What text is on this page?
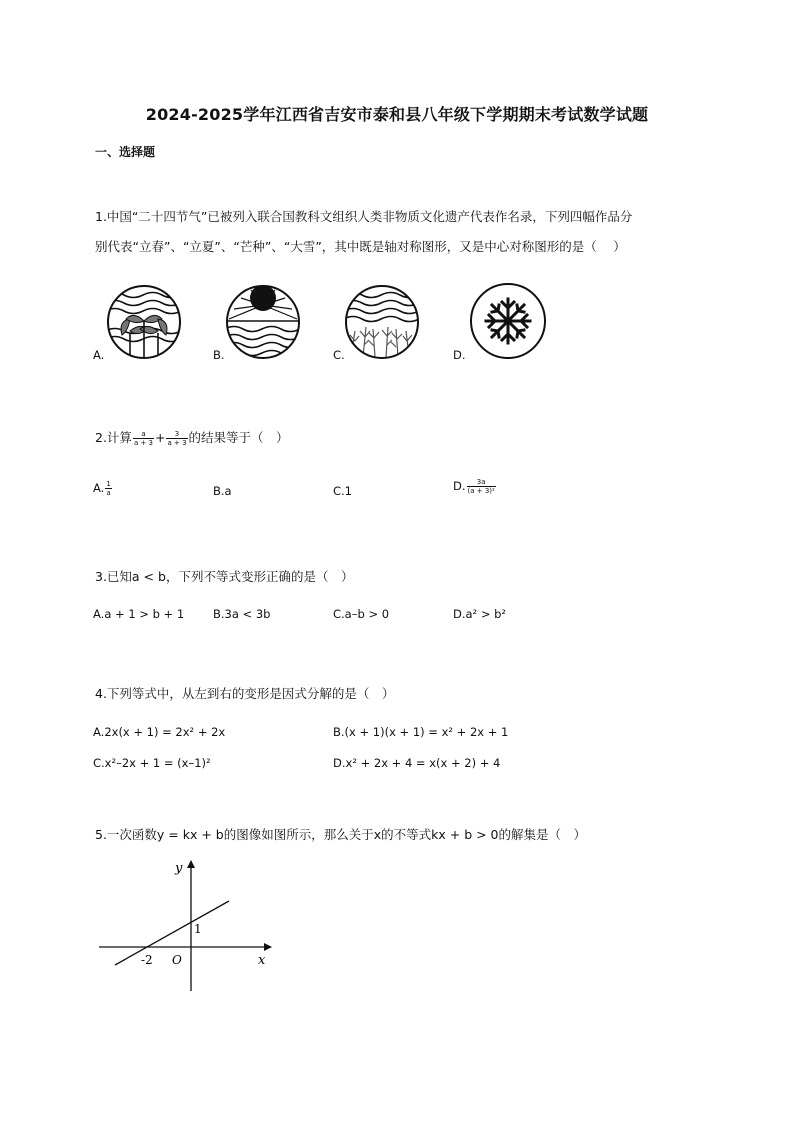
2024-2025学年江西省吉安市泰和县八年级下学期期末考试数学试题
一、选择题
1.中国“二十四节气”已被列入联合国教科文组织人类非物质文化遗产代表作名录，下列四幅作品分
别代表“立春”、“立夏”、“芒种”、“大雪”，其中既是轴对称图形，又是中心对称图形的是（　 ）
A.	B.	C.	D.
2.计算 $\frac{a}{a + 3} + \frac{3}{a + 3}$ 的结果等于（　）
A. $\frac{1}{a}$	B.a	C.1	D. $\frac{3a}{\text{(a + 3)²}}$
3.已知a < b，下列不等式变形正确的是（　）
A.a + 1 > b + 1	B.3a < 3b	C.a–b > 0	D.a² > b²
4.下列等式中，从左到右的变形是因式分解的是（　）
A.2x(x + 1) = 2x² + 2x	B.(x + 1)(x + 1) = x² + 2x + 1
C.x²–2x + 1 = (x–1)²	D.x² + 2x + 4 = x(x + 2) + 4
5.一次函数y = kx + b的图像如图所示，那么关于x的不等式kx + b > 0的解集是（　）
y
x
O
-2
1
